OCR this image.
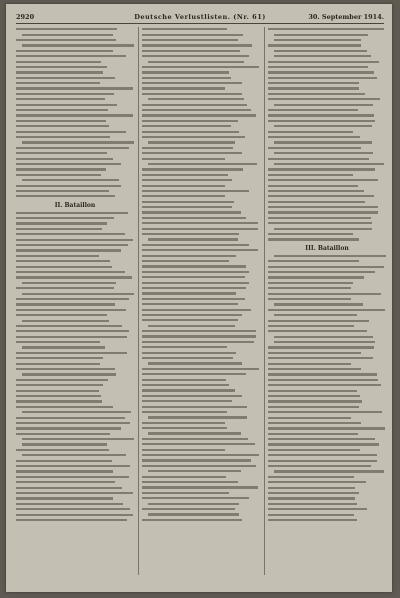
2920	Deutsche Verlustlisten. (Nr. 61)	30. September 1914.
II. Bataillon
III. Bataillon
